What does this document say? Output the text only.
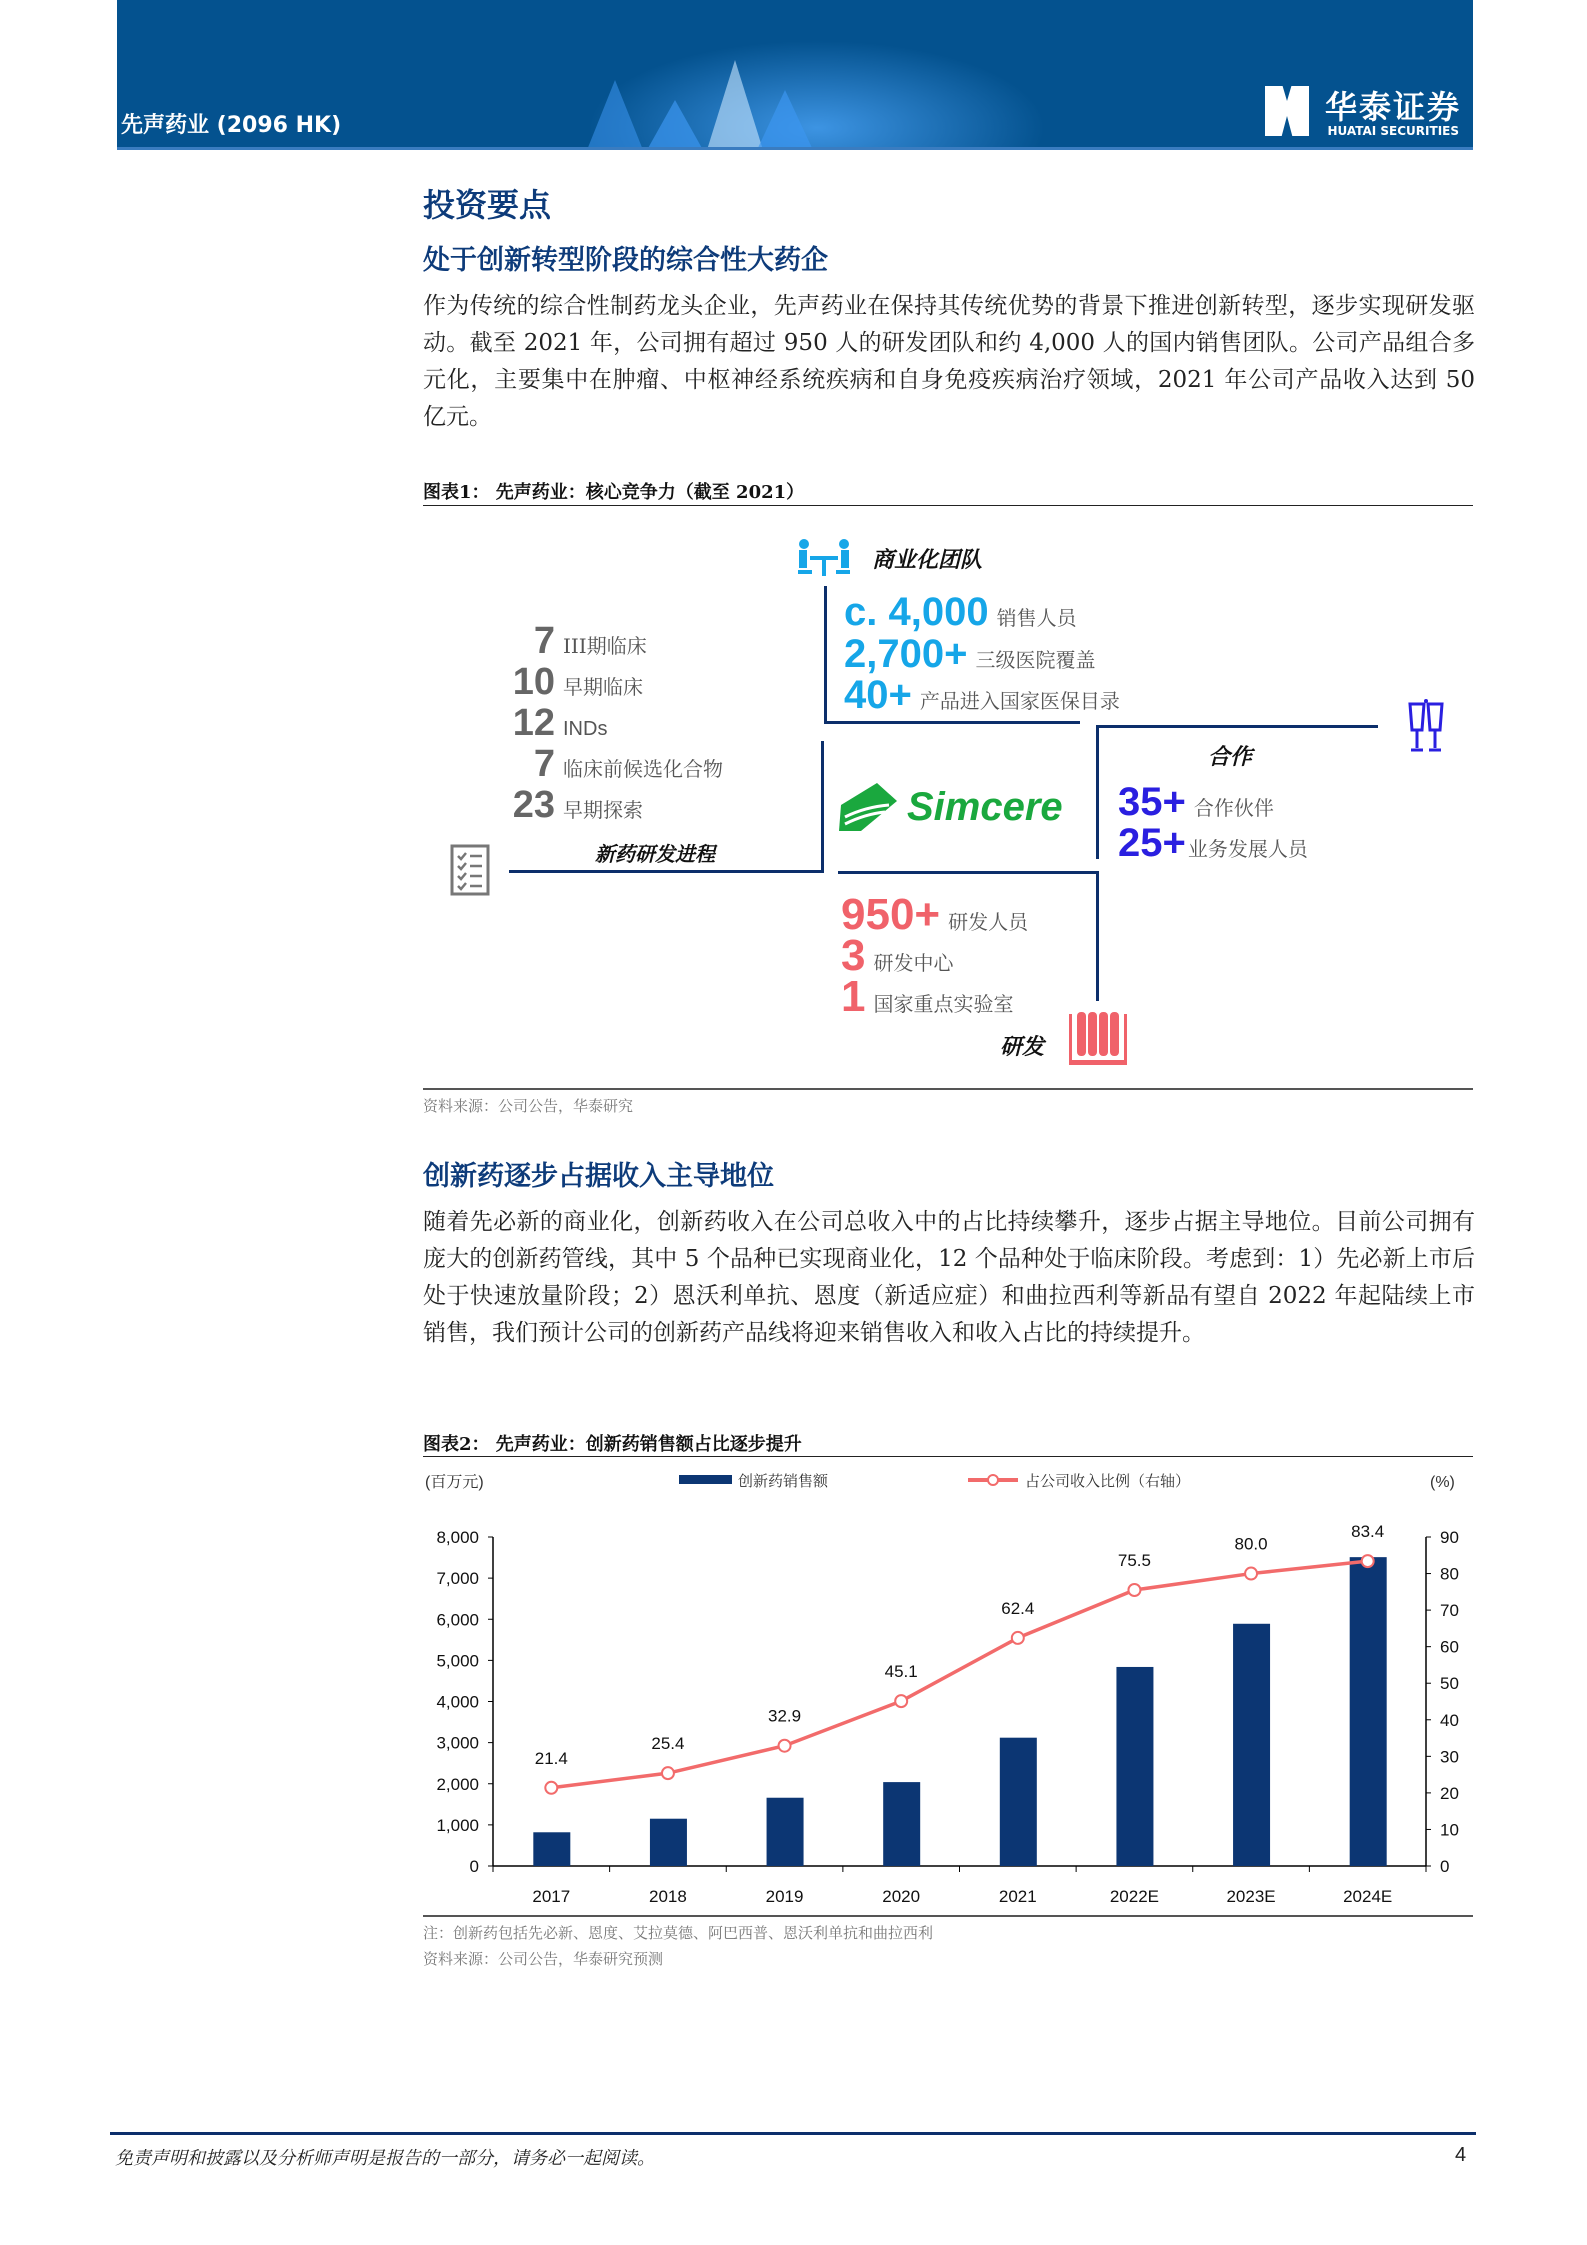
先声药业 (2096 HK)	华泰证券
HUATAI SECURITIES
投资要点
处于创新转型阶段的综合性大药企
作为传统的综合性制药龙头企业，先声药业在保持其传统优势的背景下推进创新转型，逐步实现研发驱动。截至 2021 年，公司拥有超过 950 人的研发团队和约 4,000 人的国内销售团队。公司产品组合多元化，主要集中在肿瘤、中枢神经系统疾病和自身免疫疾病治疗领域，2021 年公司产品收入达到 50 亿元。
图表1： 先声药业：核心竞争力（截至 2021）
商业化团队
c. 4,000 销售人员
2,700+ 三级医院覆盖
40+ 产品进入国家医保目录
7 III期临床
10 早期临床
12 INDs
7 临床前候选化合物
23 早期探索
新药研发进程
Simcere
合作
35+ 合作伙伴
25+ 业务发展人员
950+ 研发人员
3 研发中心
1 国家重点实验室
研发
资料来源：公司公告，华泰研究
创新药逐步占据收入主导地位
随着先必新的商业化，创新药收入在公司总收入中的占比持续攀升，逐步占据主导地位。目前公司拥有庞大的创新药管线，其中 5 个品种已实现商业化，12 个品种处于临床阶段。考虑到：1）先必新上市后处于快速放量阶段；2）恩沃利单抗、恩度（新适应症）和曲拉西利等新品有望自 2022 年起陆续上市销售，我们预计公司的创新药产品线将迎来销售收入和收入占比的持续提升。
图表2： 先声药业：创新药销售额占比逐步提升
(百万元)	(%)
创新药销售额	占公司收入比例（右轴）
0
1,000
2,000
3,000
4,000
5,000
6,000
7,000
8,000
0
10
20
30
40
50
60
70
80
90
2017	2018	2019	2020	2021	2022E	2023E	2024E
21.4
25.4
32.9
45.1
62.4
75.5
80.0
83.4
注：创新药包括先必新、恩度、艾拉莫德、阿巴西普、恩沃利单抗和曲拉西利
资料来源：公司公告，华泰研究预测
免责声明和披露以及分析师声明是报告的一部分，请务必一起阅读。	4
